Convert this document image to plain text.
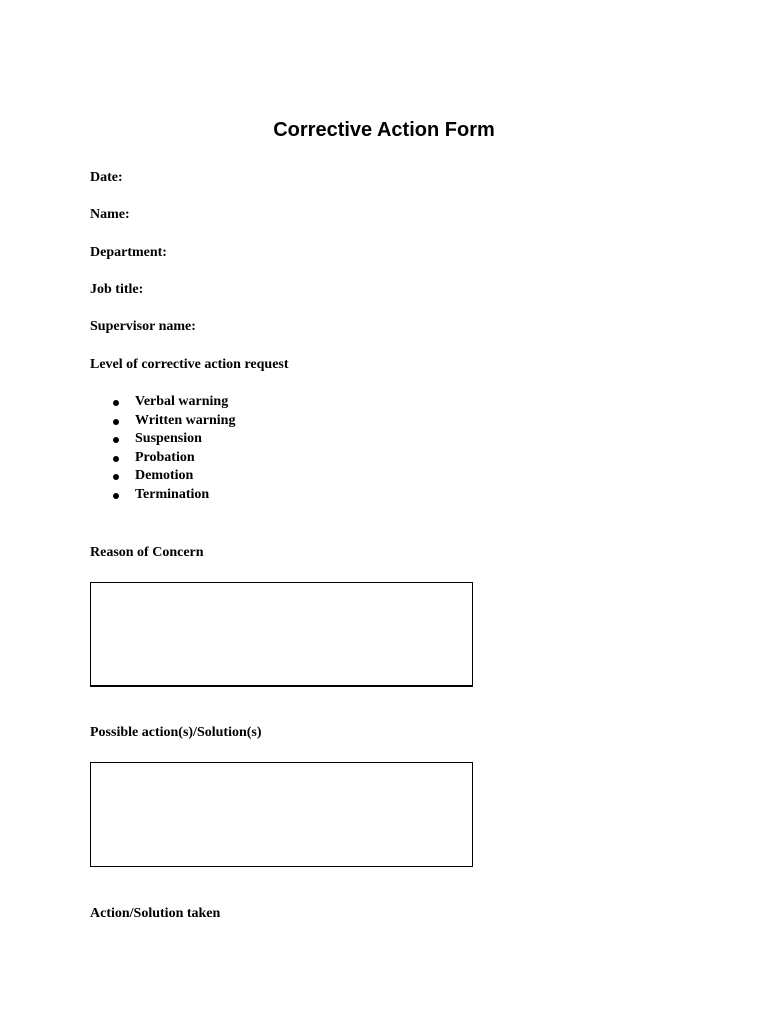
Corrective Action Form
Date:
Name:
Department:
Job title:
Supervisor name:
Level of corrective action request
Verbal warning
Written warning
Suspension
Probation
Demotion
Termination
Reason of Concern
Possible action(s)/Solution(s)
Action/Solution taken
